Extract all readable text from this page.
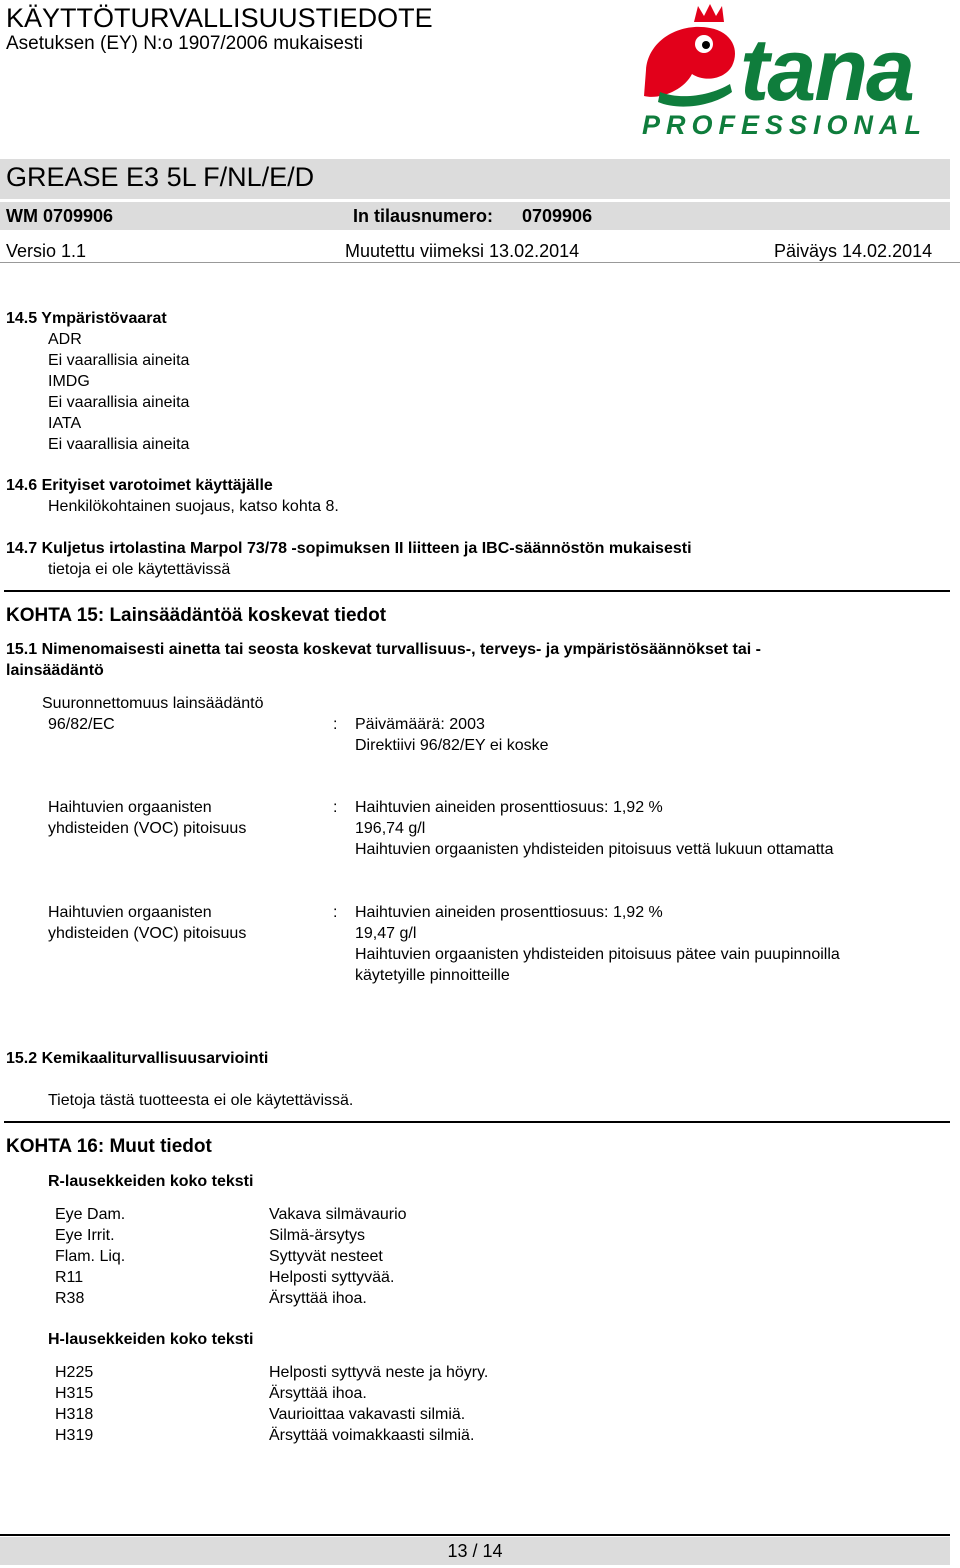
KÄYTTÖTURVALLISUUSTIEDOTE
Asetuksen (EY) N:o 1907/2006 mukaisesti	tana
PROFESSIONAL
GREASE E3 5L F/NL/E/D
WM 0709906	In tilausnumero: 0709906
Versio 1.1	Muutettu viimeksi 13.02.2014	Päiväys 14.02.2014
14.5 Ympäristövaarat
ADR
Ei vaarallisia aineita
IMDG
Ei vaarallisia aineita
IATA
Ei vaarallisia aineita
14.6 Erityiset varotoimet käyttäjälle
Henkilökohtainen suojaus, katso kohta 8.
14.7 Kuljetus irtolastina Marpol 73/78 -sopimuksen II liitteen ja IBC-säännöstön mukaisesti
tietoja ei ole käytettävissä
KOHTA 15: Lainsäädäntöä koskevat tiedot
15.1 Nimenomaisesti ainetta tai seosta koskevat turvallisuus-, terveys- ja ympäristösäännökset tai -
lainsäädäntö
Suuronnettomuus lainsäädäntö
96/82/EC	: Päivämäärä: 2003
Direktiivi 96/82/EY ei koske
Haihtuvien orgaanisten
yhdisteiden (VOC) pitoisuus
: Haihtuvien aineiden prosenttiosuus: 1,92 %
196,74 g/l
Haihtuvien orgaanisten yhdisteiden pitoisuus vettä lukuun ottamatta
Haihtuvien orgaanisten
yhdisteiden (VOC) pitoisuus
: Haihtuvien aineiden prosenttiosuus: 1,92 %
19,47 g/l
Haihtuvien orgaanisten yhdisteiden pitoisuus pätee vain puupinnoilla
käytetyille pinnoitteille
15.2 Kemikaaliturvallisuusarviointi
Tietoja tästä tuotteesta ei ole käytettävissä.
KOHTA 16: Muut tiedot
R-lausekkeiden koko teksti
Eye Dam.	Vakava silmävaurio
Eye Irrit.	Silmä-ärsytys
Flam. Liq.	Syttyvät nesteet
R11	Helposti syttyvää.
R38	Ärsyttää ihoa.
H-lausekkeiden koko teksti
H225	Helposti syttyvä neste ja höyry.
H315	Ärsyttää ihoa.
H318	Vaurioittaa vakavasti silmiä.
H319	Ärsyttää voimakkaasti silmiä.
13 / 14
